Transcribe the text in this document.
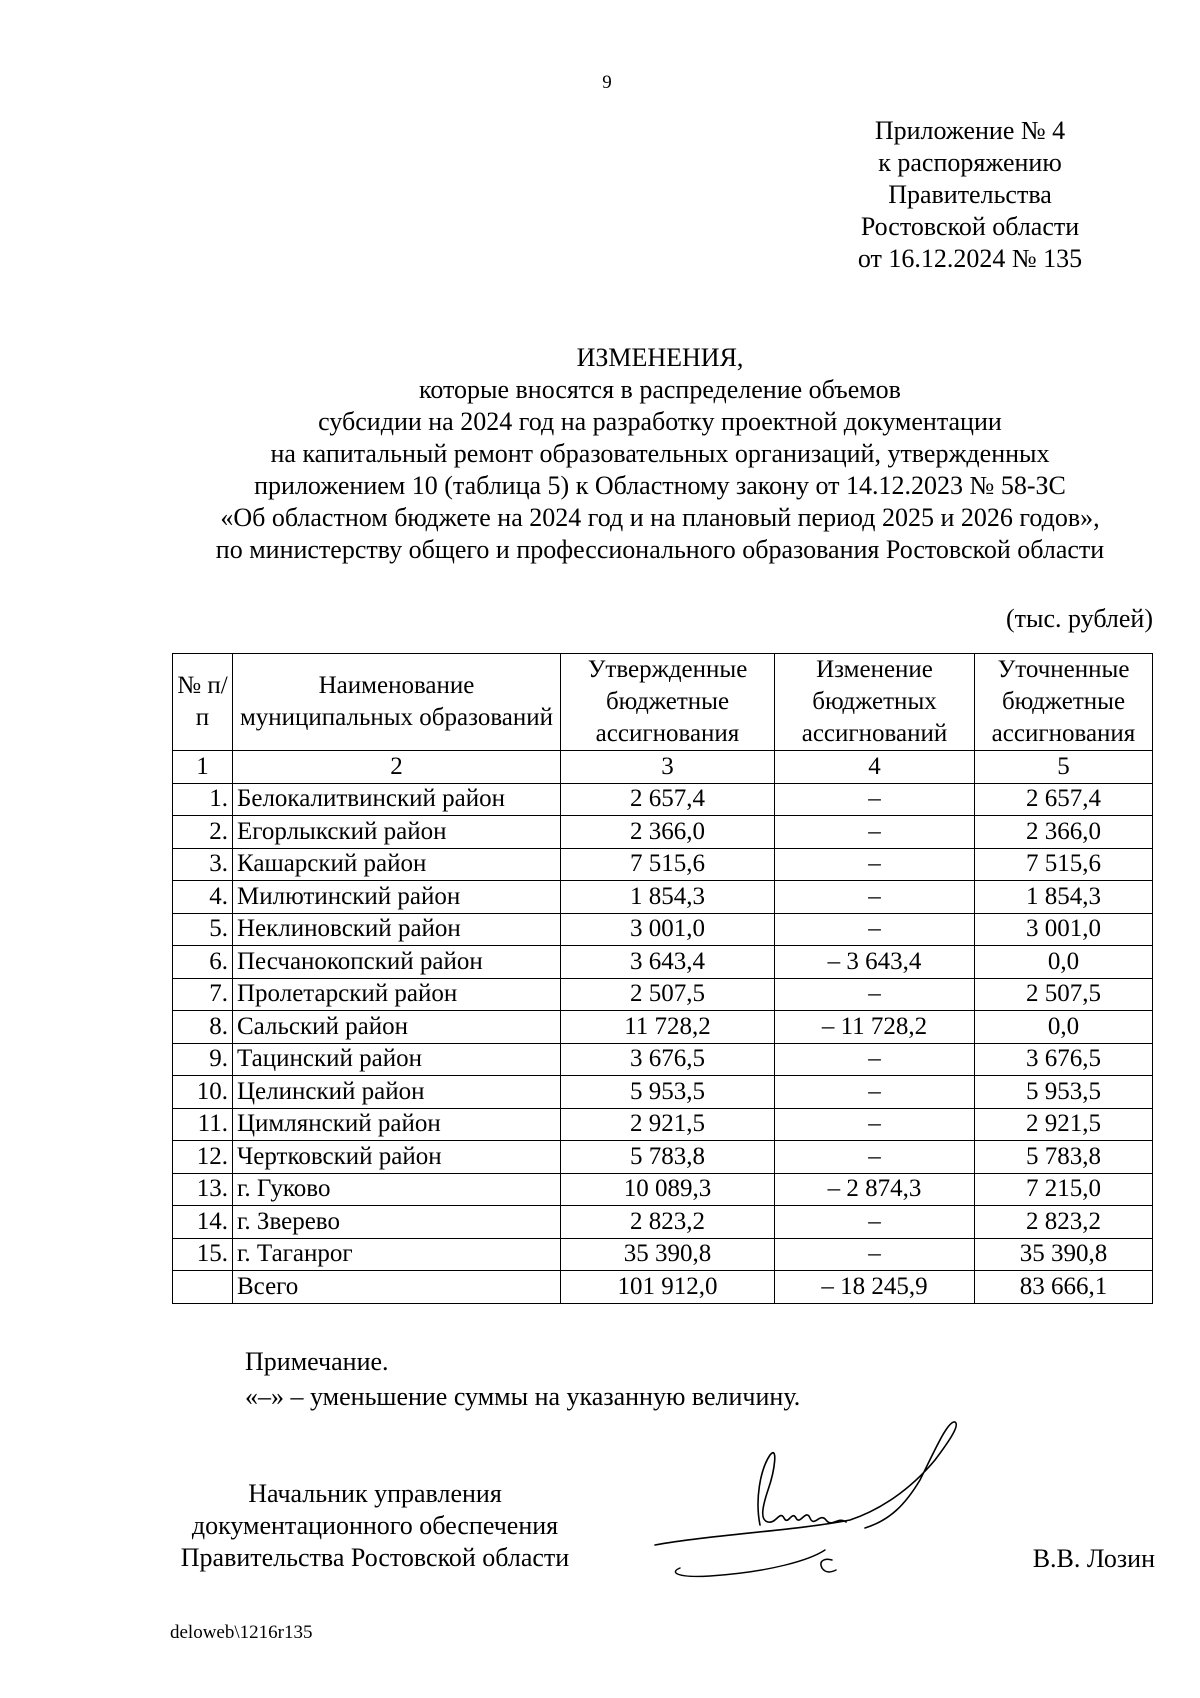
9
Приложение № 4
к распоряжению
Правительства
Ростовской области
от 16.12.2024 № 135
ИЗМЕНЕНИЯ,
которые вносятся в распределение объемов
субсидии на 2024 год на разработку проектной документации
на капитальный ремонт образовательных организаций, утвержденных
приложением 10 (таблица 5) к Областному закону от 14.12.2023 № 58-ЗС
«Об областном бюджете на 2024 год и на плановый период 2025 и 2026 годов»,
по министерству общего и профессионального образования Ростовской области
(тыс. рублей)
№ п/п	Наименование муниципальных образований	Утвержденные бюджетные ассигнования	Изменение бюджетных ассигнований	Уточненные бюджетные ассигнования
1	2	3	4	5
1.	Белокалитвинский район	2 657,4	–	2 657,4
2.	Егорлыкский район	2 366,0	–	2 366,0
3.	Кашарский район	7 515,6	–	7 515,6
4.	Милютинский район	1 854,3	–	1 854,3
5.	Неклиновский район	3 001,0	–	3 001,0
6.	Песчанокопский район	3 643,4	– 3 643,4	0,0
7.	Пролетарский район	2 507,5	–	2 507,5
8.	Сальский район	11 728,2	– 11 728,2	0,0
9.	Тацинский район	3 676,5	–	3 676,5
10.	Целинский район	5 953,5	–	5 953,5
11.	Цимлянский район	2 921,5	–	2 921,5
12.	Чертковский район	5 783,8	–	5 783,8
13.	г. Гуково	10 089,3	– 2 874,3	7 215,0
14.	г. Зверево	2 823,2	–	2 823,2
15.	г. Таганрог	35 390,8	–	35 390,8
	Всего	101 912,0	– 18 245,9	83 666,1
Примечание.
«–» – уменьшение суммы на указанную величину.
Начальник управления
документационного обеспечения
Правительства Ростовской области	В.В. Лозин
deloweb\1216r135
